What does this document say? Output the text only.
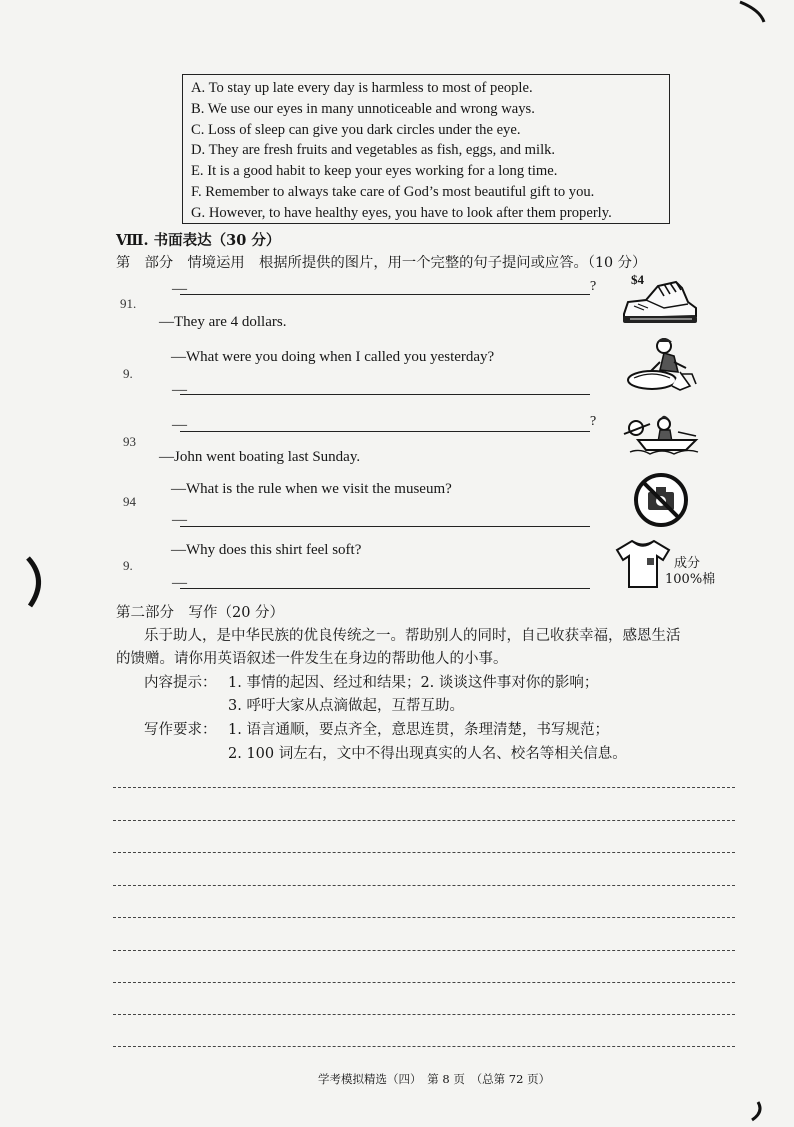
A. To stay up late every day is harmless to most of people.
B. We use our eyes in many unnoticeable and wrong ways.
C. Loss of sleep can give you dark circles under the eye.
D. They are fresh fruits and vegetables as fish, eggs, and milk.
E. It is a good habit to keep your eyes working for a long time.
F. Remember to always take care of God’s most beautiful gift to you.
G. However, to have healthy eyes, you have to look after them properly.
Ⅷ. 书面表达（30 分）
第　部分　情境运用　根据所提供的图片，用一个完整的句子提问或应答。（10 分）
91.
—	?
—They are 4 dollars.
$4
9.
—What were you doing when I called you yesterday?
—
93
—	?
—John went boating last Sunday.
94
—What is the rule when we visit the museum?
—
9.
—Why does this shirt feel soft?
—
成分
100%棉
第二部分　写作（20 分）
乐于助人，是中华民族的优良传统之一。帮助别人的同时，自己收获幸福，感恩生活
的馈赠。请你用英语叙述一件发生在身边的帮助他人的小事。
内容提示： 1. 事情的起因、经过和结果；2. 谈谈这件事对你的影响；
3. 呼吁大家从点滴做起，互帮互助。
写作要求： 1. 语言通顺，要点齐全，意思连贯，条理清楚，书写规范；
2. 100 词左右，文中不得出现真实的人名、校名等相关信息。
学考模拟精选（四）　第 8 页　（总第 72 页）
